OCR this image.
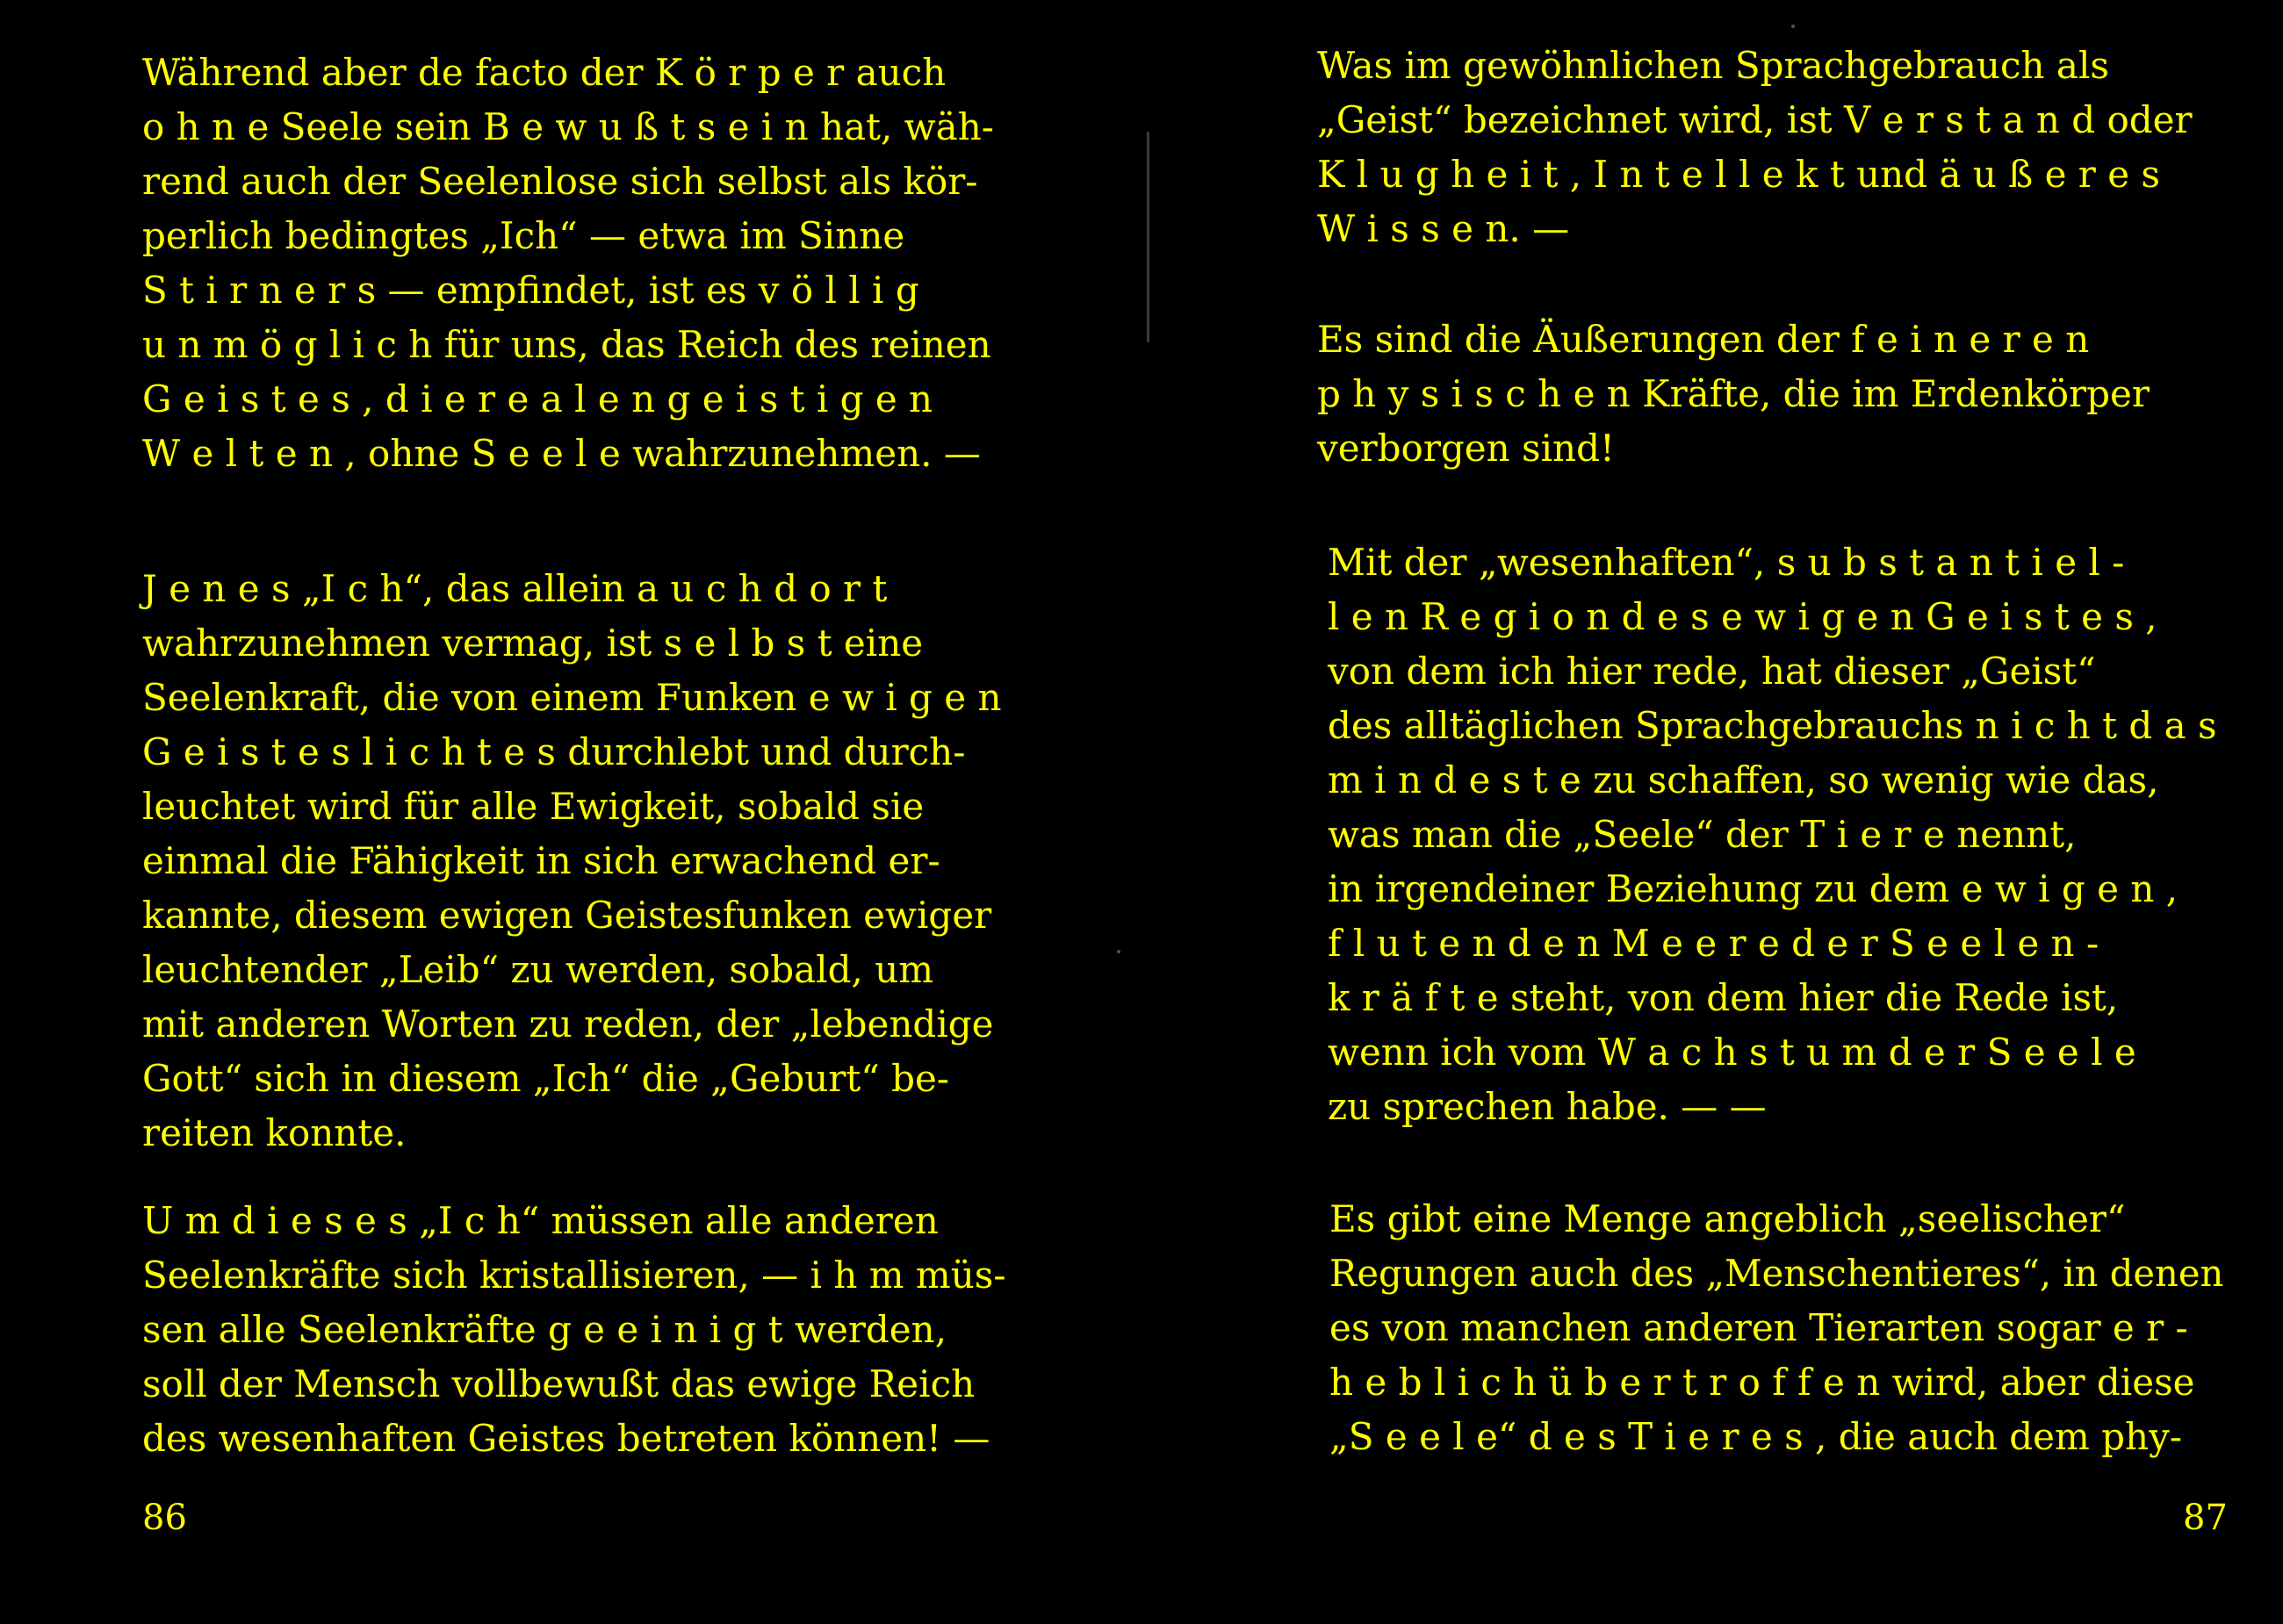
Während aber de facto der K ö r p e r auch
o h n e Seele sein B e w u ß t s e i n hat, wäh-
rend auch der Seelenlose sich selbst als kör-
perlich bedingtes „Ich“ — etwa im Sinne
S t i r n e r s — empfindet, ist es v ö l l i g
u n m ö g l i c h für uns, das Reich des reinen
G e i s t e s , d i e r e a l e n g e i s t i g e n
W e l t e n , ohne S e e l e wahrzunehmen. —
J e n e s „I c h“, das allein a u c h d o r t
wahrzunehmen vermag, ist s e l b s t eine
Seelenkraft, die von einem Funken e w i g e n
G e i s t e s l i c h t e s durchlebt und durch-
leuchtet wird für alle Ewigkeit, sobald sie
einmal die Fähigkeit in sich erwachend er-
kannte, diesem ewigen Geistesfunken ewiger
leuchtender „Leib“ zu werden, sobald, um
mit anderen Worten zu reden, der „lebendige
Gott“ sich in diesem „Ich“ die „Geburt“ be-
reiten konnte.
U m d i e s e s „I c h“ müssen alle anderen
Seelenkräfte sich kristallisieren, — i h m müs-
sen alle Seelenkräfte g e e i n i g t werden,
soll der Mensch vollbewußt das ewige Reich
des wesenhaften Geistes betreten können! —
86
Was im gewöhnlichen Sprachgebrauch als
„Geist“ bezeichnet wird, ist V e r s t a n d oder
K l u g h e i t , I n t e l l e k t und ä u ß e r e s
W i s s e n. —
Es sind die Äußerungen der f e i n e r e n
p h y s i s c h e n Kräfte, die im Erdenkörper
verborgen sind!
Mit der „wesenhaften“, s u b s t a n t i e l -
l e n R e g i o n d e s e w i g e n G e i s t e s ,
von dem ich hier rede, hat dieser „Geist“
des alltäglichen Sprachgebrauchs n i c h t d a s
m i n d e s t e zu schaffen, so wenig wie das,
was man die „Seele“ der T i e r e nennt,
in irgendeiner Beziehung zu dem e w i g e n ,
f l u t e n d e n M e e r e d e r S e e l e n -
k r ä f t e steht, von dem hier die Rede ist,
wenn ich vom W a c h s t u m d e r S e e l e
zu sprechen habe. — —
Es gibt eine Menge angeblich „seelischer“
Regungen auch des „Menschentieres“, in denen
es von manchen anderen Tierarten sogar e r -
h e b l i c h ü b e r t r o f f e n wird, aber diese
„S e e l e“ d e s T i e r e s , die auch dem phy-
87
